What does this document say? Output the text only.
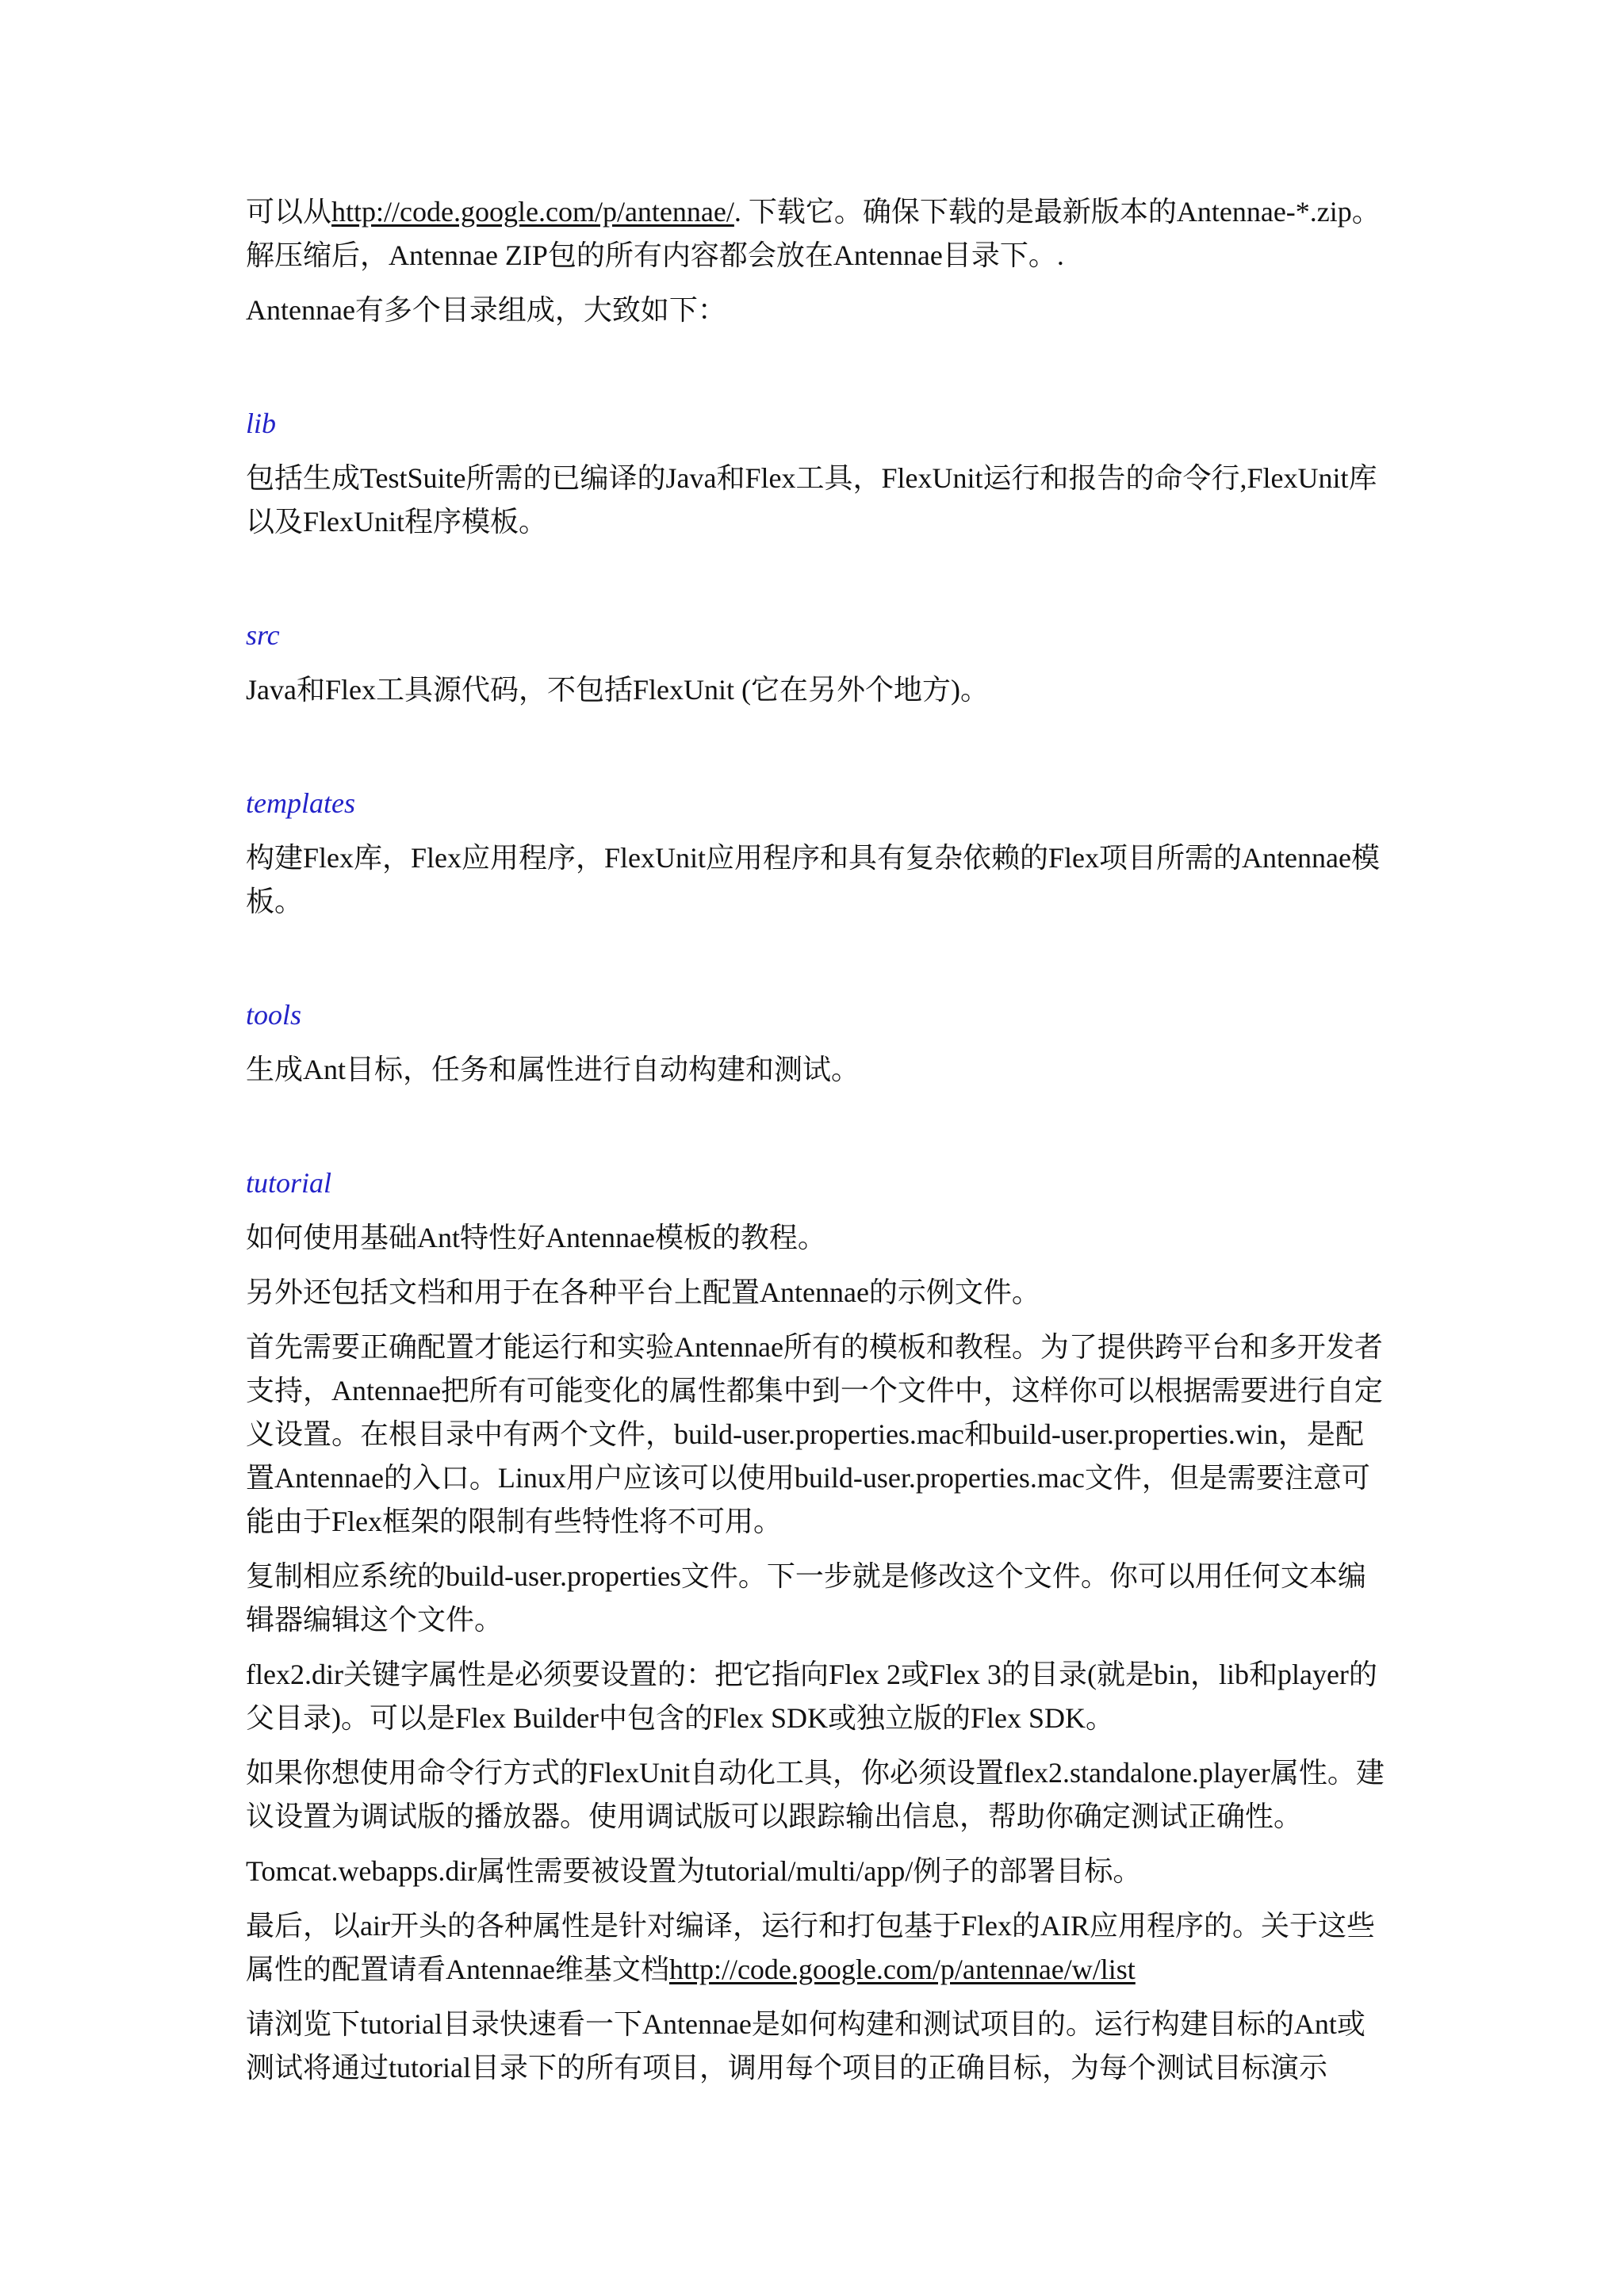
可以从http://code.google.com/p/antennae/. 下载它。确保下载的是最新版本的Antennae-*.zip。
解压缩后，Antennae ZIP包的所有内容都会放在Antennae目录下。.
Antennae有多个目录组成，大致如下：
lib
包括生成TestSuite所需的已编译的Java和Flex工具，FlexUnit运行和报告的命令行,FlexUnit库
以及FlexUnit程序模板。
src
Java和Flex工具源代码，不包括FlexUnit (它在另外个地方)。
templates
构建Flex库，Flex应用程序，FlexUnit应用程序和具有复杂依赖的Flex项目所需的Antennae模
板。
tools
生成Ant目标，任务和属性进行自动构建和测试。
tutorial
如何使用基础Ant特性好Antennae模板的教程。
另外还包括文档和用于在各种平台上配置Antennae的示例文件。
首先需要正确配置才能运行和实验Antennae所有的模板和教程。为了提供跨平台和多开发者
支持，Antennae把所有可能变化的属性都集中到一个文件中，这样你可以根据需要进行自定
义设置。在根目录中有两个文件，build-user.properties.mac和build-user.properties.win，是配
置Antennae的入口。Linux用户应该可以使用build-user.properties.mac文件，但是需要注意可
能由于Flex框架的限制有些特性将不可用。
复制相应系统的build-user.properties文件。下一步就是修改这个文件。你可以用任何文本编
辑器编辑这个文件。
flex2.dir关键字属性是必须要设置的：把它指向Flex 2或Flex 3的目录(就是bin，lib和player的
父目录)。可以是Flex Builder中包含的Flex SDK或独立版的Flex SDK。
如果你想使用命令行方式的FlexUnit自动化工具，你必须设置flex2.standalone.player属性。建
议设置为调试版的播放器。使用调试版可以跟踪输出信息，帮助你确定测试正确性。
Tomcat.webapps.dir属性需要被设置为tutorial/multi/app/例子的部署目标。
最后，以air开头的各种属性是针对编译，运行和打包基于Flex的AIR应用程序的。关于这些
属性的配置请看Antennae维基文档http://code.google.com/p/antennae/w/list
请浏览下tutorial目录快速看一下Antennae是如何构建和测试项目的。运行构建目标的Ant或
测试将通过tutorial目录下的所有项目，调用每个项目的正确目标，为每个测试目标演示
